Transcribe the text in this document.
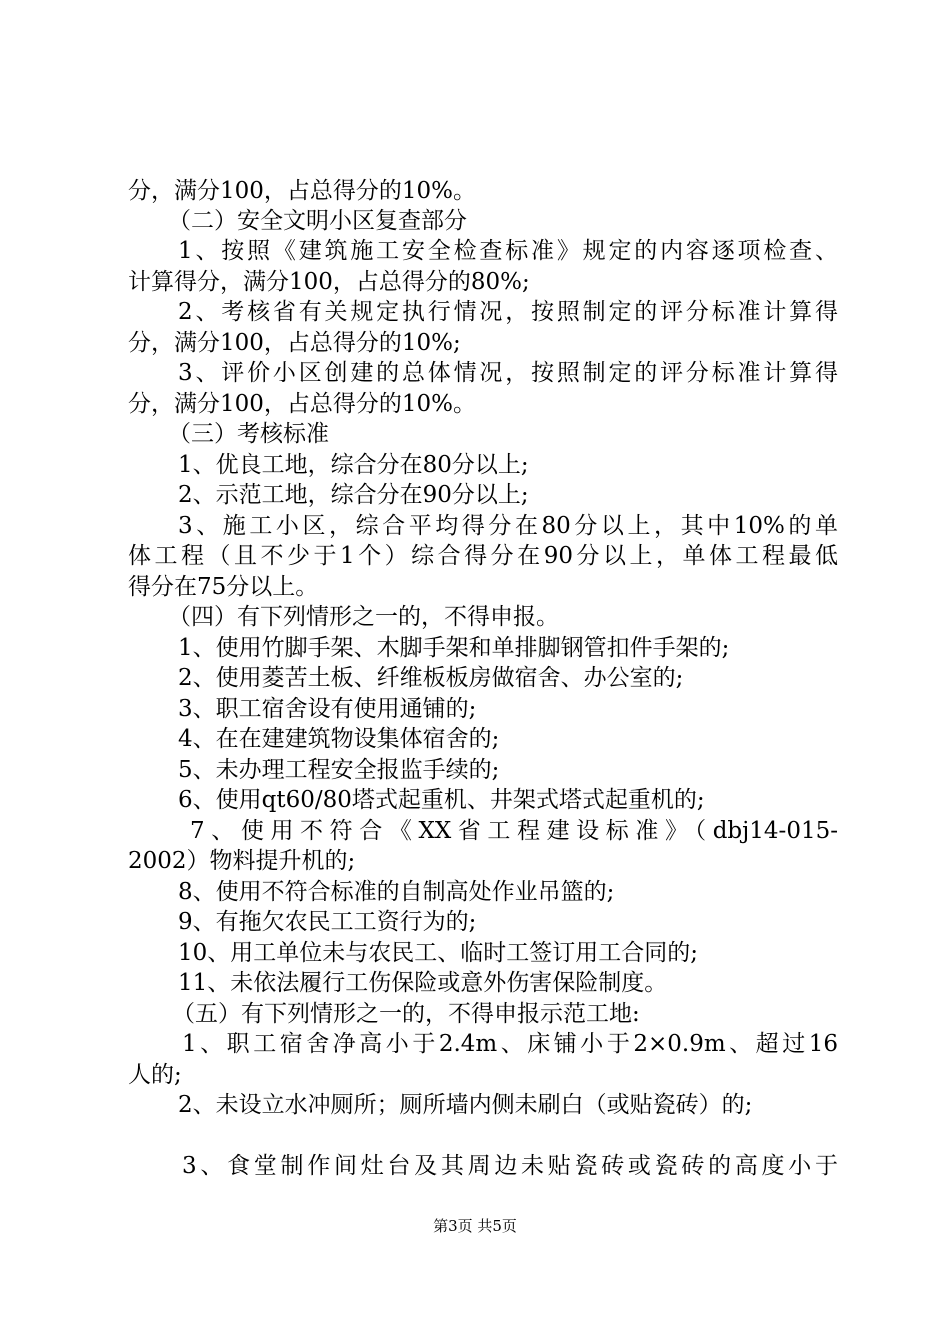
分，满分100，占总得分的10%。
（二）安全文明小区复查部分
1、按照《建筑施工安全检查标准》规定的内容逐项检查、
计算得分，满分100，占总得分的80%;
2、考核省有关规定执行情况，按照制定的评分标准计算得
分，满分100，占总得分的10%;
3、评价小区创建的总体情况，按照制定的评分标准计算得
分，满分100，占总得分的10%。
（三）考核标准
1、优良工地，综合分在80分以上;
2、示范工地，综合分在90分以上;
3、施工小区，综合平均得分在80分以上，其中10%的单
体工程（且不少于1个）综合得分在90分以上，单体工程最低
得分在75分以上。
（四）有下列情形之一的，不得申报。
1、使用竹脚手架、木脚手架和单排脚钢管扣件手架的;
2、使用菱苦土板、纤维板板房做宿舍、办公室的;
3、职工宿舍设有使用通铺的;
4、在在建建筑物设集体宿舍的;
5、未办理工程安全报监手续的;
6、使用qt60/80塔式起重机、井架式塔式起重机的;
7、使用不符合《XX省工程建设标准》（dbj14-015-
2002）物料提升机的;
8、使用不符合标准的自制高处作业吊篮的;
9、有拖欠农民工工资行为的;
10、用工单位未与农民工、临时工签订用工合同的;
11、未依法履行工伤保险或意外伤害保险制度。
（五）有下列情形之一的，不得申报示范工地:
1、职工宿舍净高小于2.4m、床铺小于2×0.9m、超过16
人的;
2、未设立水冲厕所；厕所墙内侧未刷白（或贴瓷砖）的;
3、食堂制作间灶台及其周边未贴瓷砖或瓷砖的高度小于
第3页 共5页
